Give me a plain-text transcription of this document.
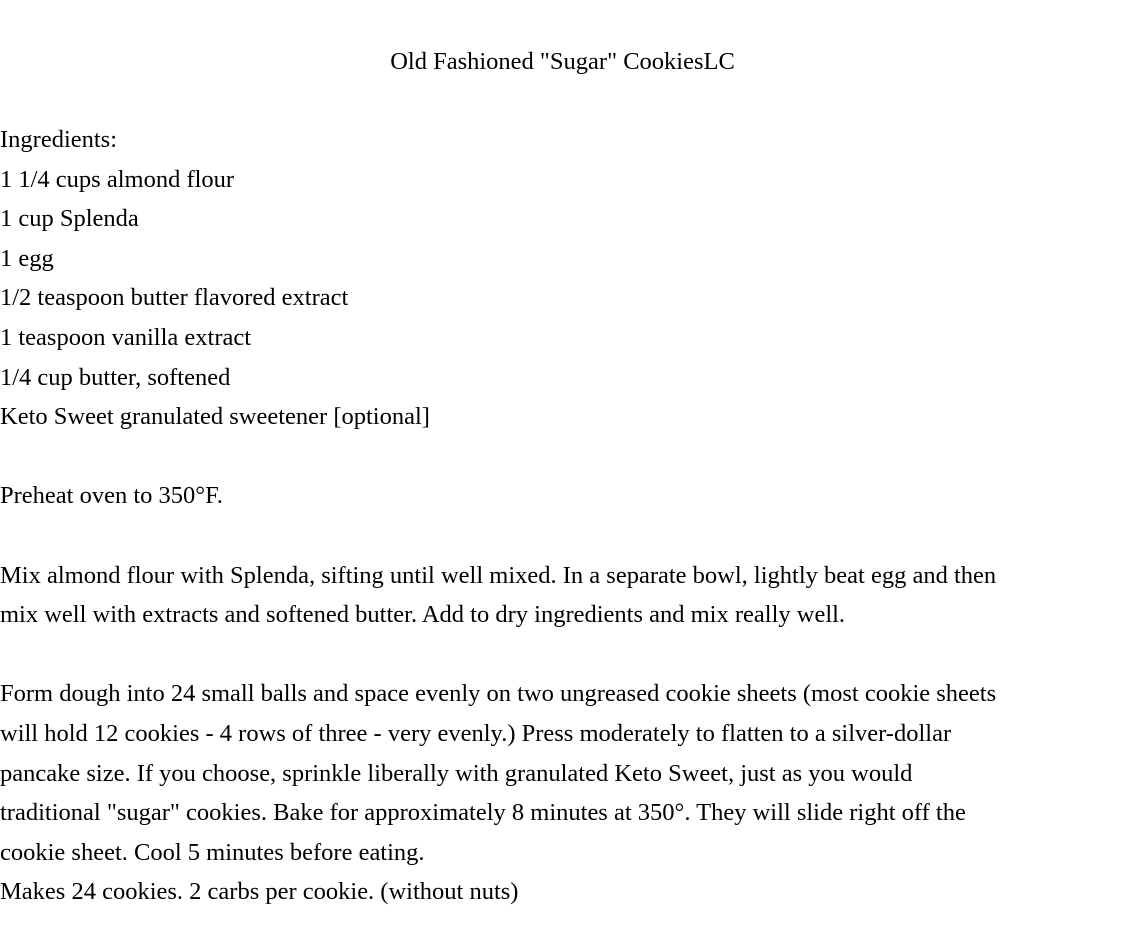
Old Fashioned "Sugar" CookiesLC
Ingredients:
1 1/4 cups almond flour
1 cup Splenda
1 egg
1/2 teaspoon butter flavored extract
1 teaspoon vanilla extract
1/4 cup butter, softened
Keto Sweet granulated sweetener [optional]
Preheat oven to 350°F.
Mix almond flour with Splenda, sifting until well mixed. In a separate bowl, lightly beat egg and then
mix well with extracts and softened butter. Add to dry ingredients and mix really well.
Form dough into 24 small balls and space evenly on two ungreased cookie sheets (most cookie sheets
will hold 12 cookies - 4 rows of three - very evenly.) Press moderately to flatten to a silver-dollar
pancake size. If you choose, sprinkle liberally with granulated Keto Sweet, just as you would
traditional "sugar" cookies. Bake for approximately 8 minutes at 350°. They will slide right off the
cookie sheet. Cool 5 minutes before eating.
Makes 24 cookies. 2 carbs per cookie. (without nuts)
